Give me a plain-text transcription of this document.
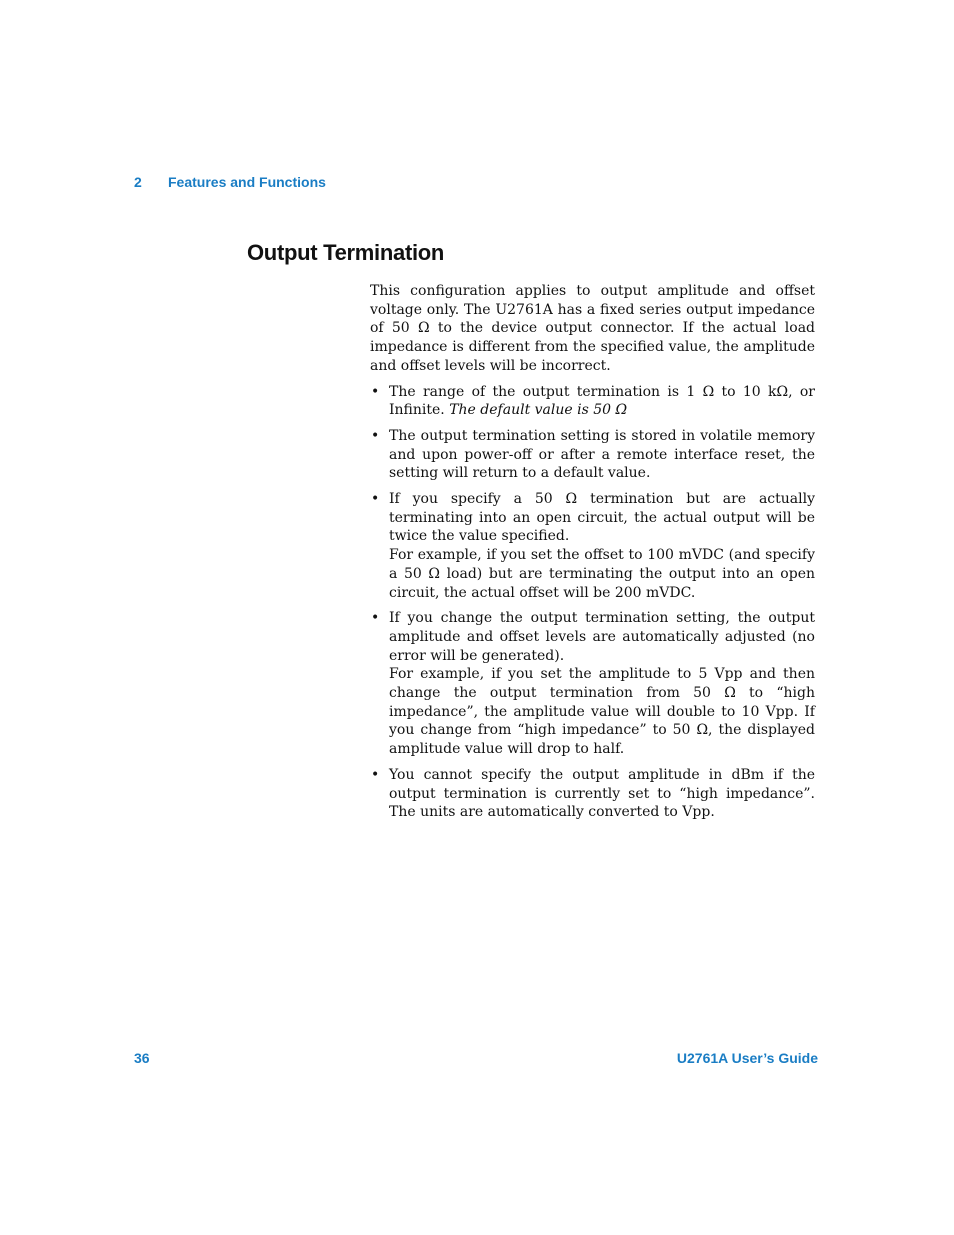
2	Features and Functions
Output Termination

This configuration applies to output amplitude and offset voltage only. The U2761A has a fixed series output impedance of 50 Ω to the device output connector. If the actual load impedance is different from the specified value, the amplitude and offset levels will be incorrect.

• The range of the output termination is 1 Ω to 10 kΩ, or Infinite. The default value is 50 Ω
• The output termination setting is stored in volatile memory and upon power-off or after a remote interface reset, the setting will return to a default value.
• If you specify a 50 Ω termination but are actually terminating into an open circuit, the actual output will be twice the value specified.
For example, if you set the offset to 100 mVDC (and specify a 50 Ω load) but are terminating the output into an open circuit, the actual offset will be 200 mVDC.
• If you change the output termination setting, the output amplitude and offset levels are automatically adjusted (no error will be generated).
For example, if you set the amplitude to 5 Vpp and then change the output termination from 50 Ω to “high impedance”, the amplitude value will double to 10 Vpp. If you change from “high impedance” to 50 Ω, the displayed amplitude value will drop to half.
• You cannot specify the output amplitude in dBm if the output termination is currently set to “high impedance”. The units are automatically converted to Vpp.
36	U2761A User’s Guide
